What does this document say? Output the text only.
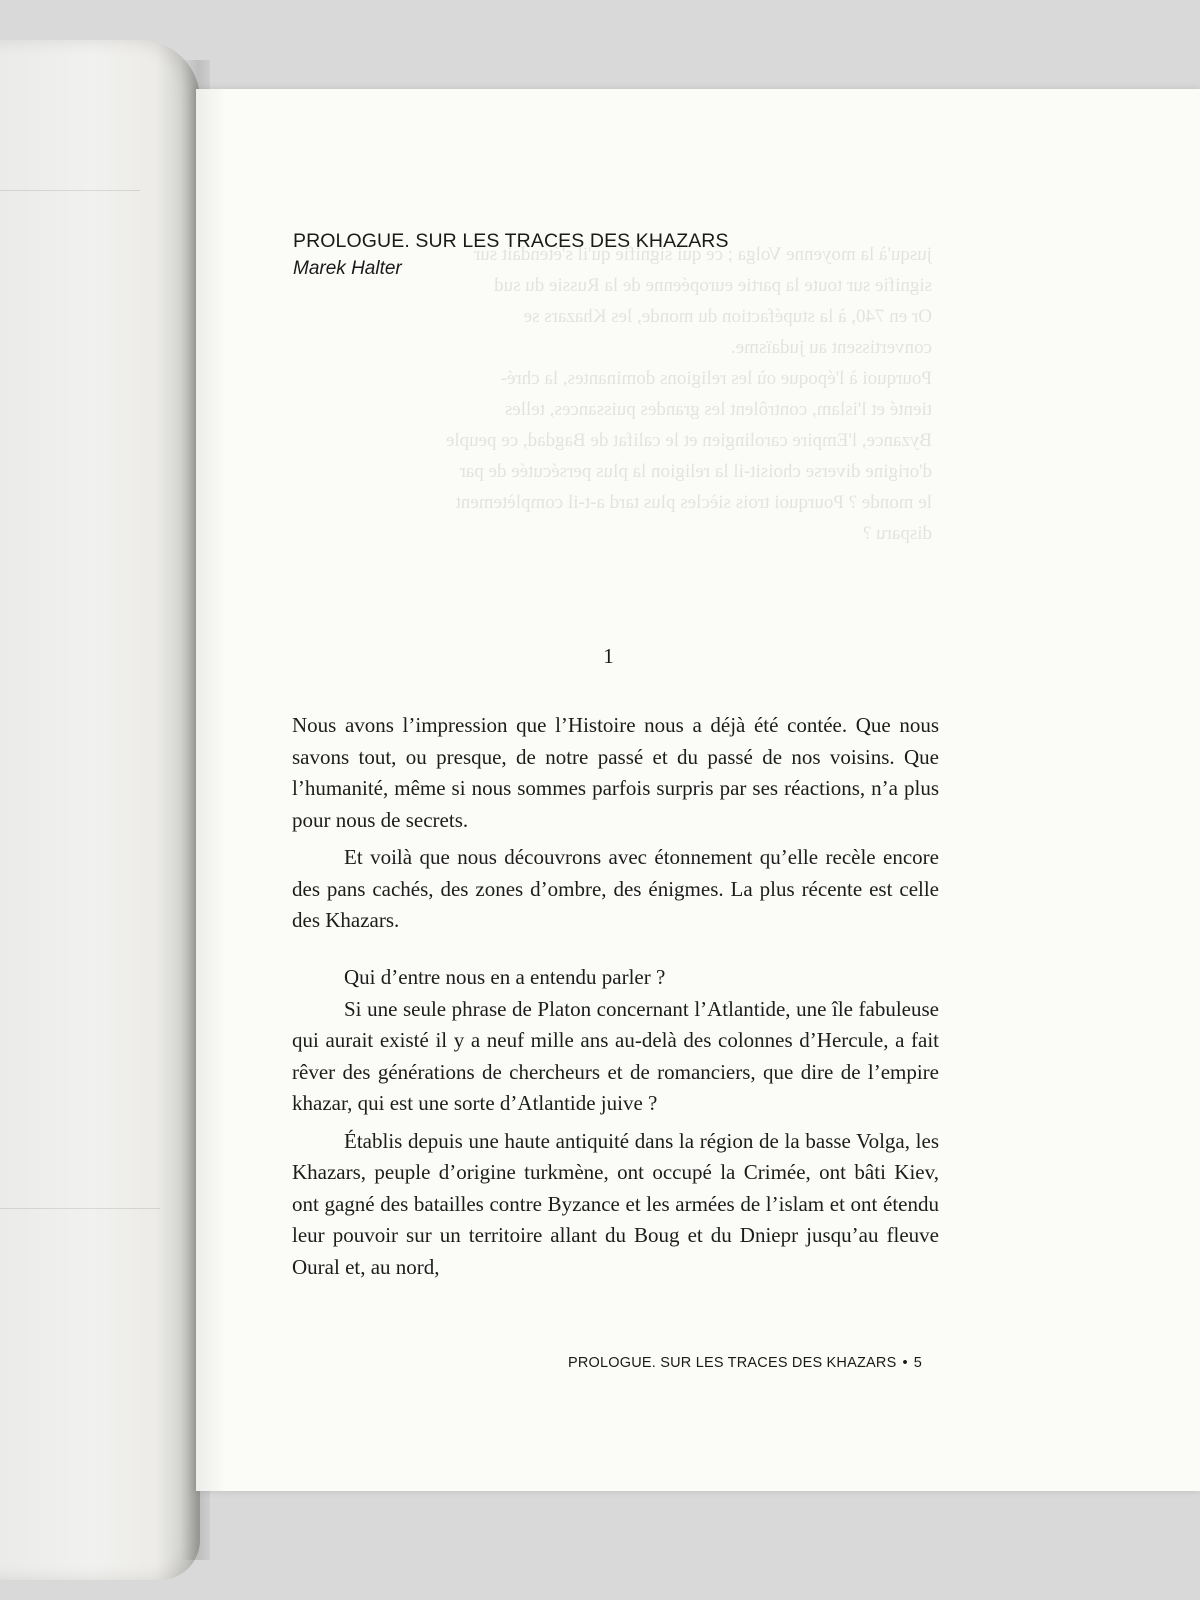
jusqu'à la moyenne Volga ; ce qui signifie qu'il s'étendait sur
signifie sur toute la partie européenne de la Russie du sud
Or en 740, à la stupéfaction du monde, les Khazars se
convertissent au judaïsme.
Pourquoi à l'époque où les religions dominantes, la chré-
tienté et l'islam, contrôlent les grandes puissances, telles
Byzance, l'Empire carolingien et le califat de Bagdad, ce peuple
d'origine diverse choisit-il la religion la plus persécutée de par
le monde ? Pourquoi trois siècles plus tard a-t-il complètement
disparu ?
PROLOGUE. SUR LES TRACES DES KHAZARS
Marek Halter
1

Nous avons l’impression que l’Histoire nous a déjà été contée. Que nous savons tout, ou presque, de notre passé et du passé de nos voisins. Que l’humanité, même si nous sommes parfois surpris par ses réactions, n’a plus pour nous de secrets.

Et voilà que nous découvrons avec étonnement qu’elle recèle encore des pans cachés, des zones d’ombre, des énigmes. La plus récente est celle des Khazars.

Qui d’entre nous en a entendu parler ?

Si une seule phrase de Platon concernant l’Atlantide, une île fabuleuse qui aurait existé il y a neuf mille ans au-delà des colonnes d’Hercule, a fait rêver des générations de chercheurs et de romanciers, que dire de l’empire khazar, qui est une sorte d’Atlantide juive ?

Établis depuis une haute antiquité dans la région de la basse Volga, les Khazars, peuple d’origine turkmène, ont occupé la Crimée, ont bâti Kiev, ont gagné des batailles contre Byzance et les armées de l’islam et ont étendu leur pouvoir sur un territoire allant du Boug et du Dniepr jusqu’au fleuve Oural et, au nord,

PROLOGUE. SUR LES TRACES DES KHAZARS • 5
